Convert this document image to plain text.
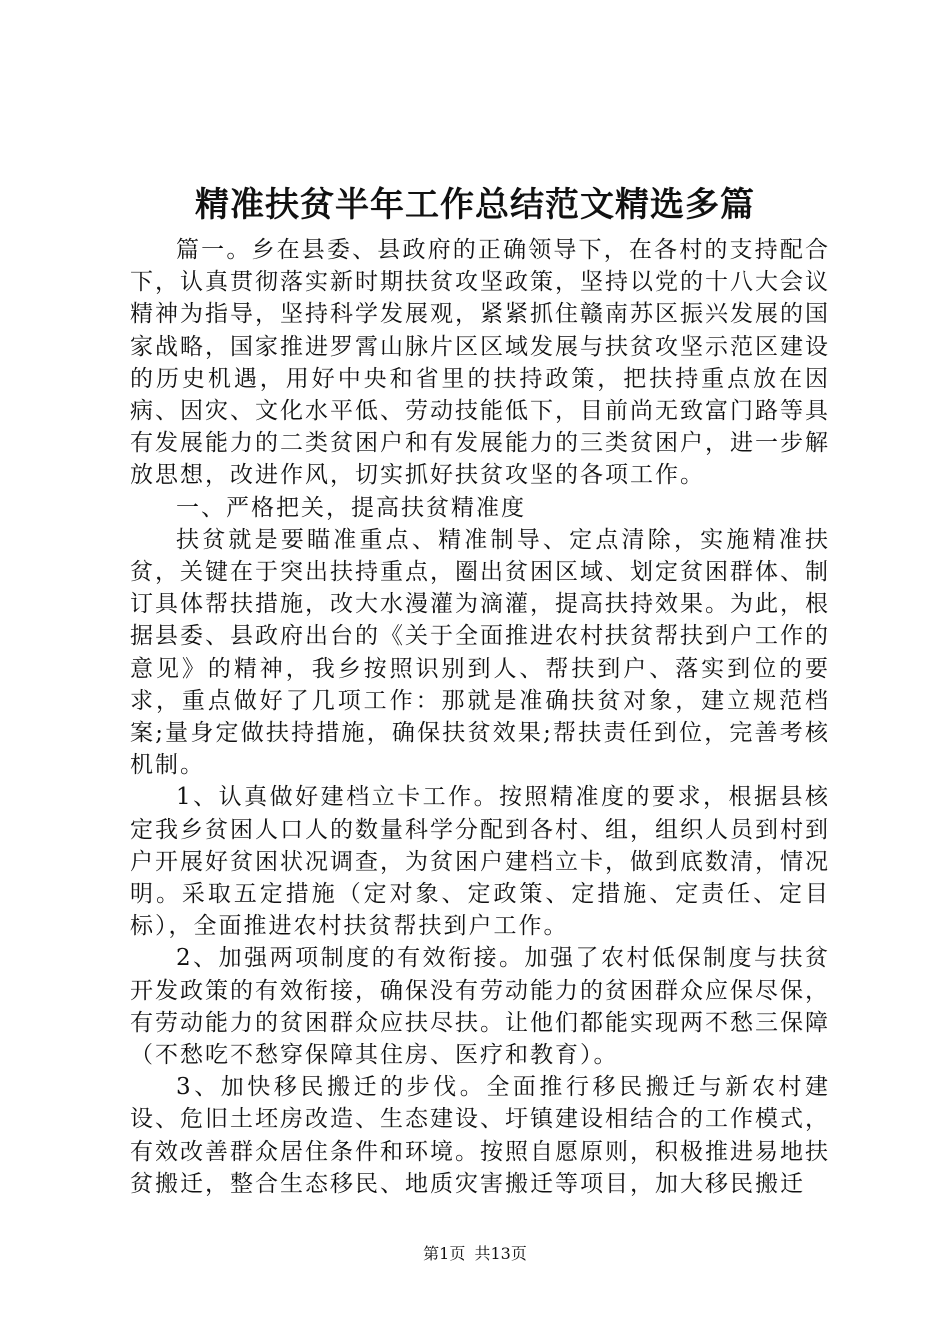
精准扶贫半年工作总结范文精选多篇

篇一。乡在县委、县政府的正确领导下，在各村的支持配合下，认真贯彻落实新时期扶贫攻坚政策，坚持以党的十八大会议精神为指导，坚持科学发展观，紧紧抓住赣南苏区振兴发展的国家战略，国家推进罗霄山脉片区区域发展与扶贫攻坚示范区建设的历史机遇，用好中央和省里的扶持政策，把扶持重点放在因病、因灾、文化水平低、劳动技能低下，目前尚无致富门路等具有发展能力的二类贫困户和有发展能力的三类贫困户，进一步解放思想，改进作风，切实抓好扶贫攻坚的各项工作。

一、严格把关，提高扶贫精准度

扶贫就是要瞄准重点、精准制导、定点清除，实施精准扶贫，关键在于突出扶持重点，圈出贫困区域、划定贫困群体、制订具体帮扶措施，改大水漫灌为滴灌，提高扶持效果。为此，根据县委、县政府出台的《关于全面推进农村扶贫帮扶到户工作的意见》的精神，我乡按照识别到人、帮扶到户、落实到位的要求，重点做好了几项工作：那就是准确扶贫对象，建立规范档案;量身定做扶持措施，确保扶贫效果;帮扶责任到位，完善考核机制。

1、认真做好建档立卡工作。按照精准度的要求，根据县核定我乡贫困人口人的数量科学分配到各村、组，组织人员到村到户开展好贫困状况调查，为贫困户建档立卡，做到底数清，情况明。采取五定措施（定对象、定政策、定措施、定责任、定目标），全面推进农村扶贫帮扶到户工作。

2、加强两项制度的有效衔接。加强了农村低保制度与扶贫开发政策的有效衔接，确保没有劳动能力的贫困群众应保尽保，有劳动能力的贫困群众应扶尽扶。让他们都能实现两不愁三保障（不愁吃不愁穿保障其住房、医疗和教育）。

3、加快移民搬迁的步伐。全面推行移民搬迁与新农村建设、危旧土坯房改造、生态建设、圩镇建设相结合的工作模式，有效改善群众居住条件和环境。按照自愿原则，积极推进易地扶贫搬迁，整合生态移民、地质灾害搬迁等项目，加大移民搬迁

第1页 共13页
